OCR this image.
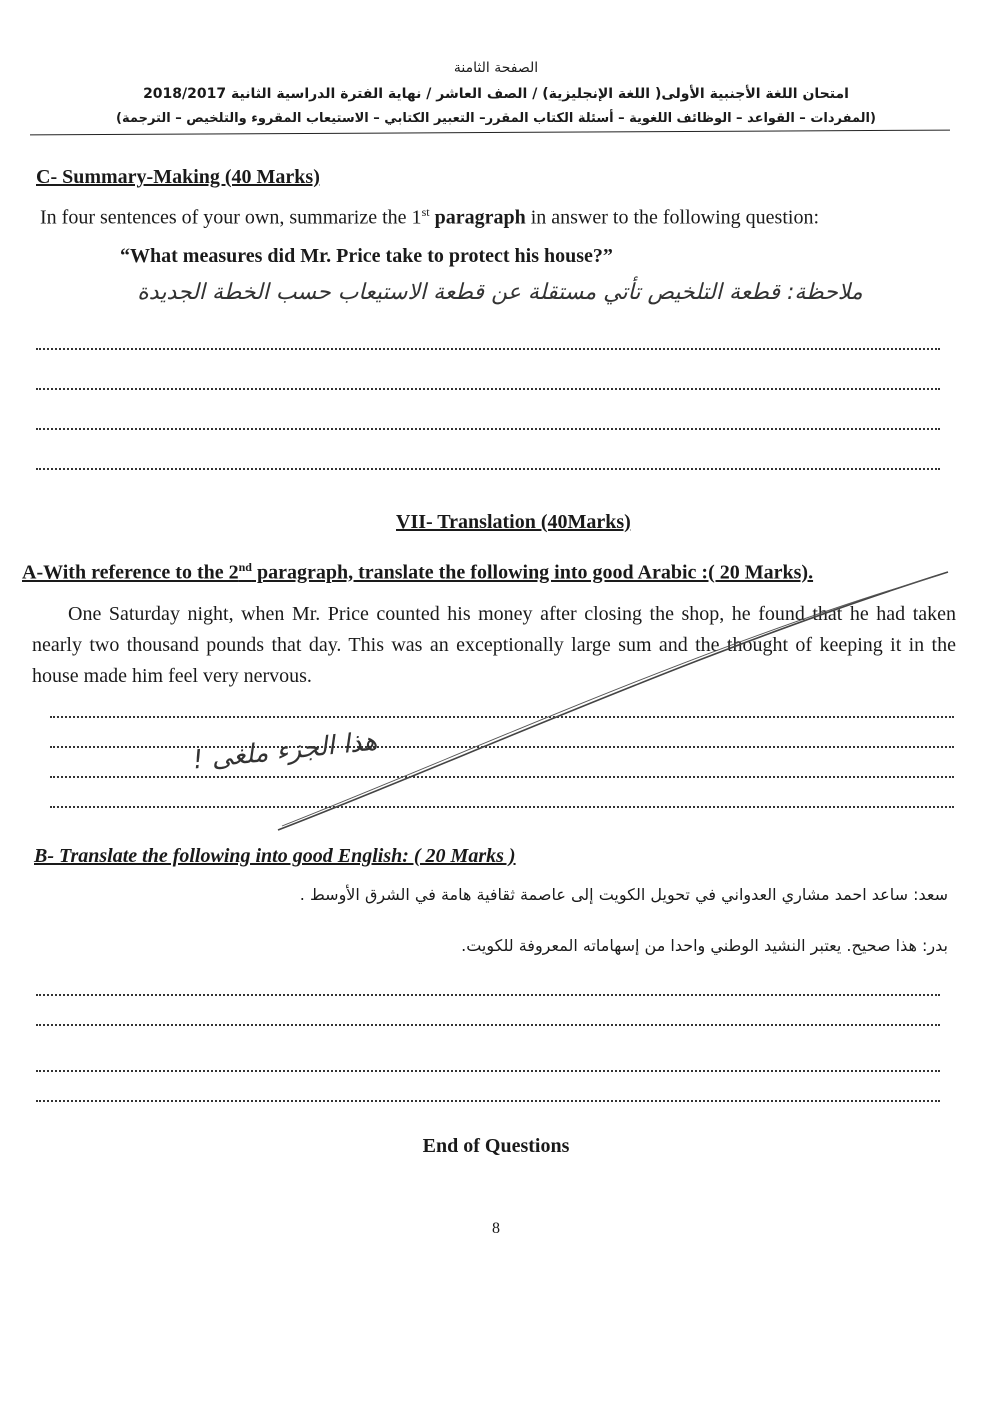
الصفحة الثامنة
امتحان اللغة الأجنبية الأولى( اللغة الإنجليزية) / الصف العاشر / نهاية الفترة الدراسية الثانية 2018/2017
(المفردات – القواعد – الوظائف اللغوية – أسئلة الكتاب المقرر– التعبير الكتابي – الاستيعاب المقروء والتلخيص – الترجمة)
C- Summary-Making (40 Marks)
In four sentences of your own, summarize the 1st paragraph in answer to the following question:
“What measures did Mr. Price take to protect his house?”
ملاحظة: قطعة التلخيص تأتي مستقلة عن قطعة الاستيعاب حسب الخطة الجديدة
VII- Translation (40Marks)
A-With reference to the 2nd paragraph, translate the following into good Arabic :( 20 Marks).
One Saturday night, when Mr. Price counted his money after closing the shop, he found that he had taken nearly two thousand pounds that day. This was an exceptionally large sum and the thought of keeping it in the house made him feel very nervous.
هذا الجزء ملغى !
B- Translate the following into good English: ( 20 Marks )
سعد: ساعد احمد مشاري العدواني في تحويل الكويت إلى عاصمة ثقافية هامة في الشرق الأوسط .
بدر: هذا صحيح. يعتبر النشيد الوطني واحدا من إسهاماته المعروفة للكويت.
End of Questions
8
